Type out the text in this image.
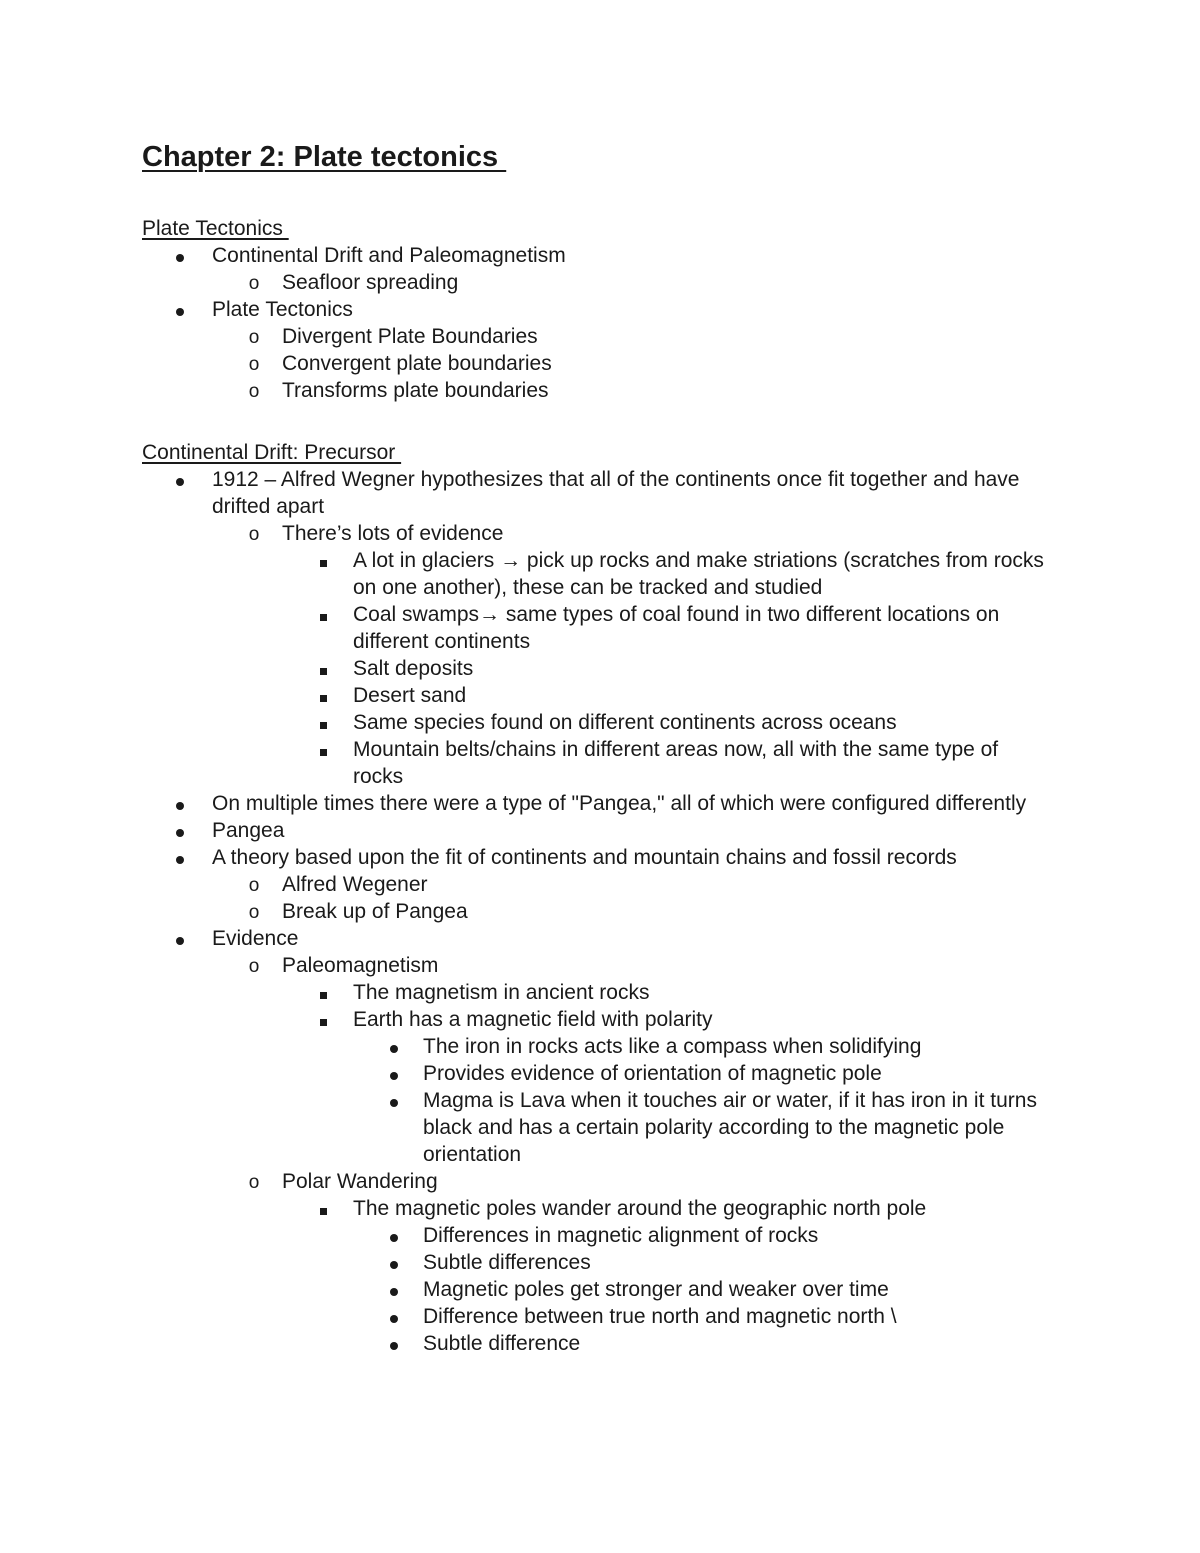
Chapter 2: Plate tectonics
Plate Tectonics
Continental Drift and Paleomagnetism
o Seafloor spreading
Plate Tectonics
o Divergent Plate Boundaries
o Convergent plate boundaries
o Transforms plate boundaries
Continental Drift: Precursor
1912 – Alfred Wegner hypothesizes that all of the continents once fit together and have drifted apart
o There’s lots of evidence
A lot in glaciers → pick up rocks and make striations (scratches from rocks on one another), these can be tracked and studied
Coal swamps→ same types of coal found in two different locations on different continents
Salt deposits
Desert sand
Same species found on different continents across oceans
Mountain belts/chains in different areas now, all with the same type of rocks
On multiple times there were a type of "Pangea," all of which were configured differently
Pangea
A theory based upon the fit of continents and mountain chains and fossil records
o Alfred Wegener
o Break up of Pangea
Evidence
o Paleomagnetism
The magnetism in ancient rocks
Earth has a magnetic field with polarity
The iron in rocks acts like a compass when solidifying
Provides evidence of orientation of magnetic pole
Magma is Lava when it touches air or water, if it has iron in it turns black and has a certain polarity according to the magnetic pole orientation
o Polar Wandering
The magnetic poles wander around the geographic north pole
Differences in magnetic alignment of rocks
Subtle differences
Magnetic poles get stronger and weaker over time
Difference between true north and magnetic north \
Subtle difference
